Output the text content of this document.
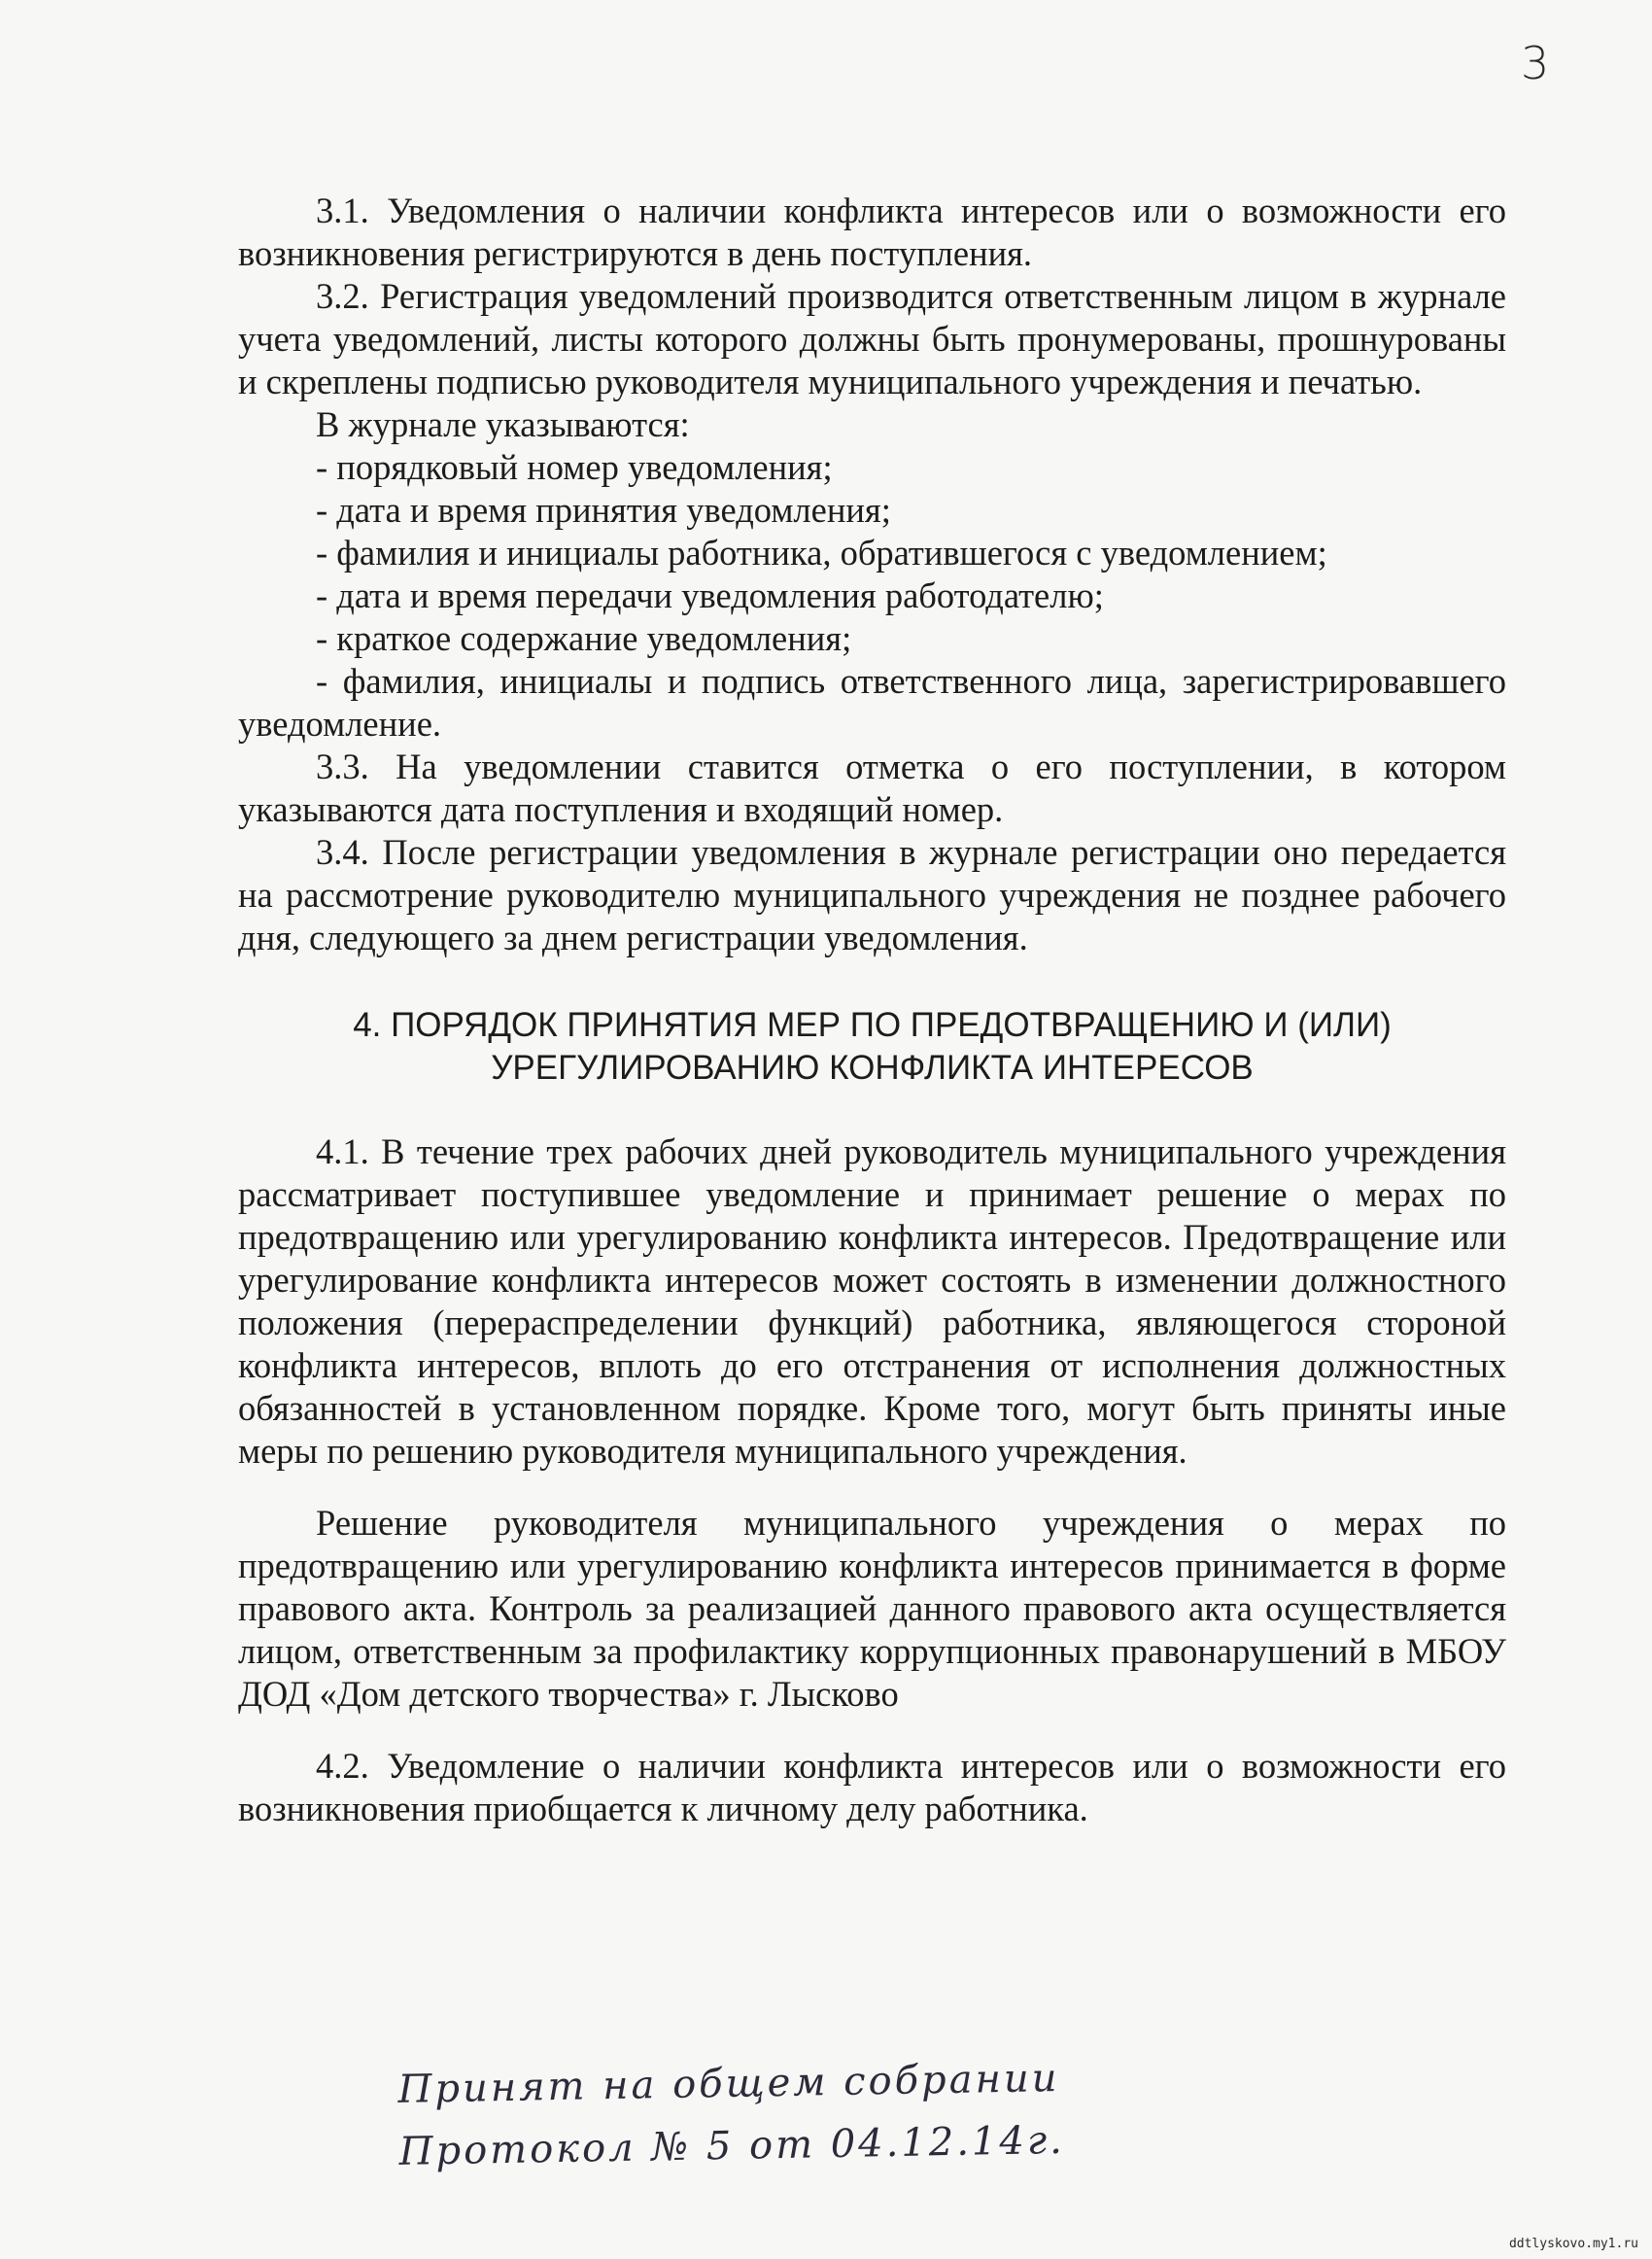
3

3.1. Уведомления о наличии конфликта интересов или о возможности его возникновения регистрируются в день поступления.

3.2. Регистрация уведомлений производится ответственным лицом в журнале учета уведомлений, листы которого должны быть пронумерованы, прошнурованы и скреплены подписью руководителя муниципального учреждения и печатью.

В журнале указываются:

- порядковый номер уведомления;

- дата и время принятия уведомления;

- фамилия и инициалы работника, обратившегося с уведомлением;

- дата и время передачи уведомления работодателю;

- краткое содержание уведомления;

- фамилия, инициалы и подпись ответственного лица, зарегистрировавшего уведомление.

3.3. На уведомлении ставится отметка о его поступлении, в котором указываются дата поступления и входящий номер.

3.4. После регистрации уведомления в журнале регистрации оно передается на рассмотрение руководителю муниципального учреждения не позднее рабочего дня, следующего за днем регистрации уведомления.

4. ПОРЯДОК ПРИНЯТИЯ МЕР ПО ПРЕДОТВРАЩЕНИЮ И (ИЛИ)
УРЕГУЛИРОВАНИЮ КОНФЛИКТА ИНТЕРЕСОВ

4.1. В течение трех рабочих дней руководитель муниципального учреждения рассматривает поступившее уведомление и принимает решение о мерах по предотвращению или урегулированию конфликта интересов. Предотвращение или урегулирование конфликта интересов может состоять в изменении должностного положения (перераспределении функций) работника, являющегося стороной конфликта интересов, вплоть до его отстранения от исполнения должностных обязанностей в установленном порядке. Кроме того, могут быть приняты иные меры по решению руководителя муниципального учреждения.

Решение руководителя муниципального учреждения о мерах по предотвращению или урегулированию конфликта интересов принимается в форме правового акта. Контроль за реализацией данного правового акта осуществляется лицом, ответственным за профилактику коррупционных правонарушений в МБОУ ДОД «Дом детского творчества» г. Лысково

4.2. Уведомление о наличии конфликта интересов или о возможности его возникновения приобщается к личному делу работника.

Принят на общем собрании
Протокол № 5 от 04.12.14г.
ddtlyskovo.my1.ru
